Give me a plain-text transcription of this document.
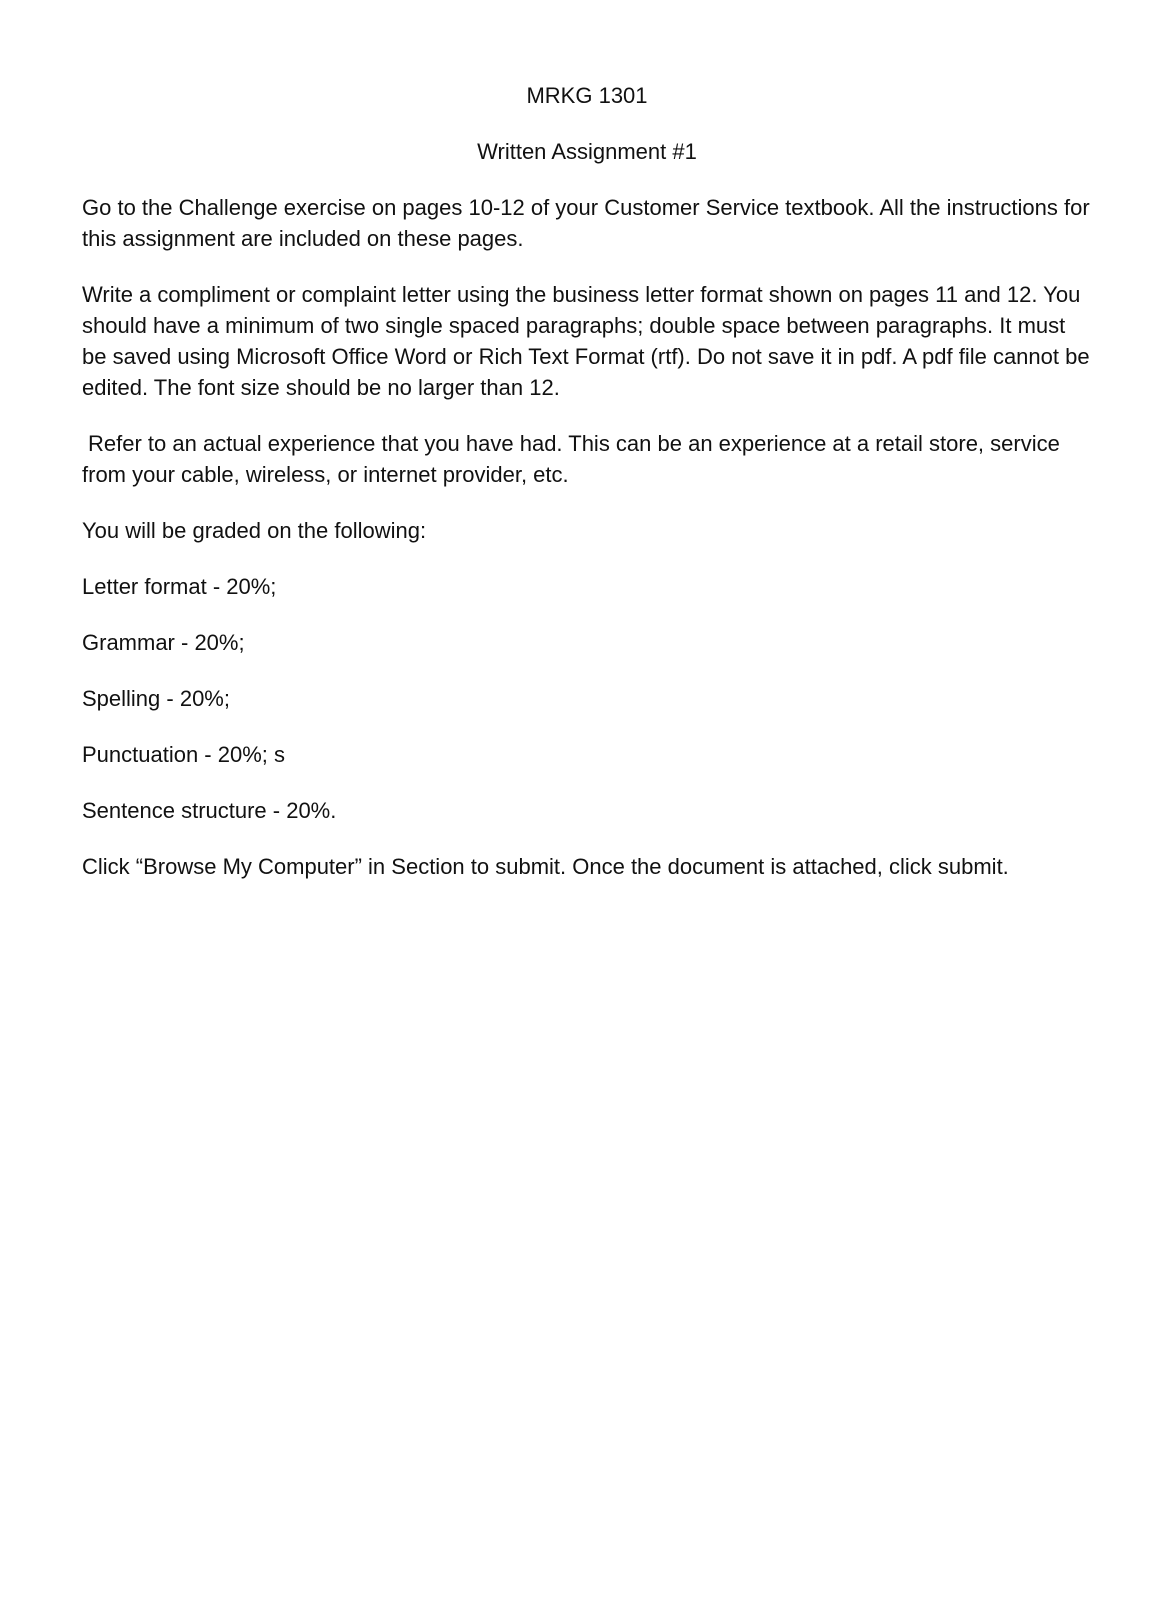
MRKG 1301

Written Assignment #1

Go to the Challenge exercise on pages 10-12 of your Customer Service textbook. All the instructions for this assignment are included on these pages.

Write a compliment or complaint letter using the business letter format shown on pages 11 and 12. You should have a minimum of two single spaced paragraphs; double space between paragraphs. It must be saved using Microsoft Office Word or Rich Text Format (rtf). Do not save it in pdf. A pdf file cannot be edited. The font size should be no larger than 12.

Refer to an actual experience that you have had. This can be an experience at a retail store, service from your cable, wireless, or internet provider, etc.

You will be graded on the following:

Letter format - 20%;
Grammar - 20%;
Spelling - 20%;
Punctuation - 20%; s
Sentence structure - 20%.

Click “Browse My Computer” in Section to submit. Once the document is attached, click submit.
